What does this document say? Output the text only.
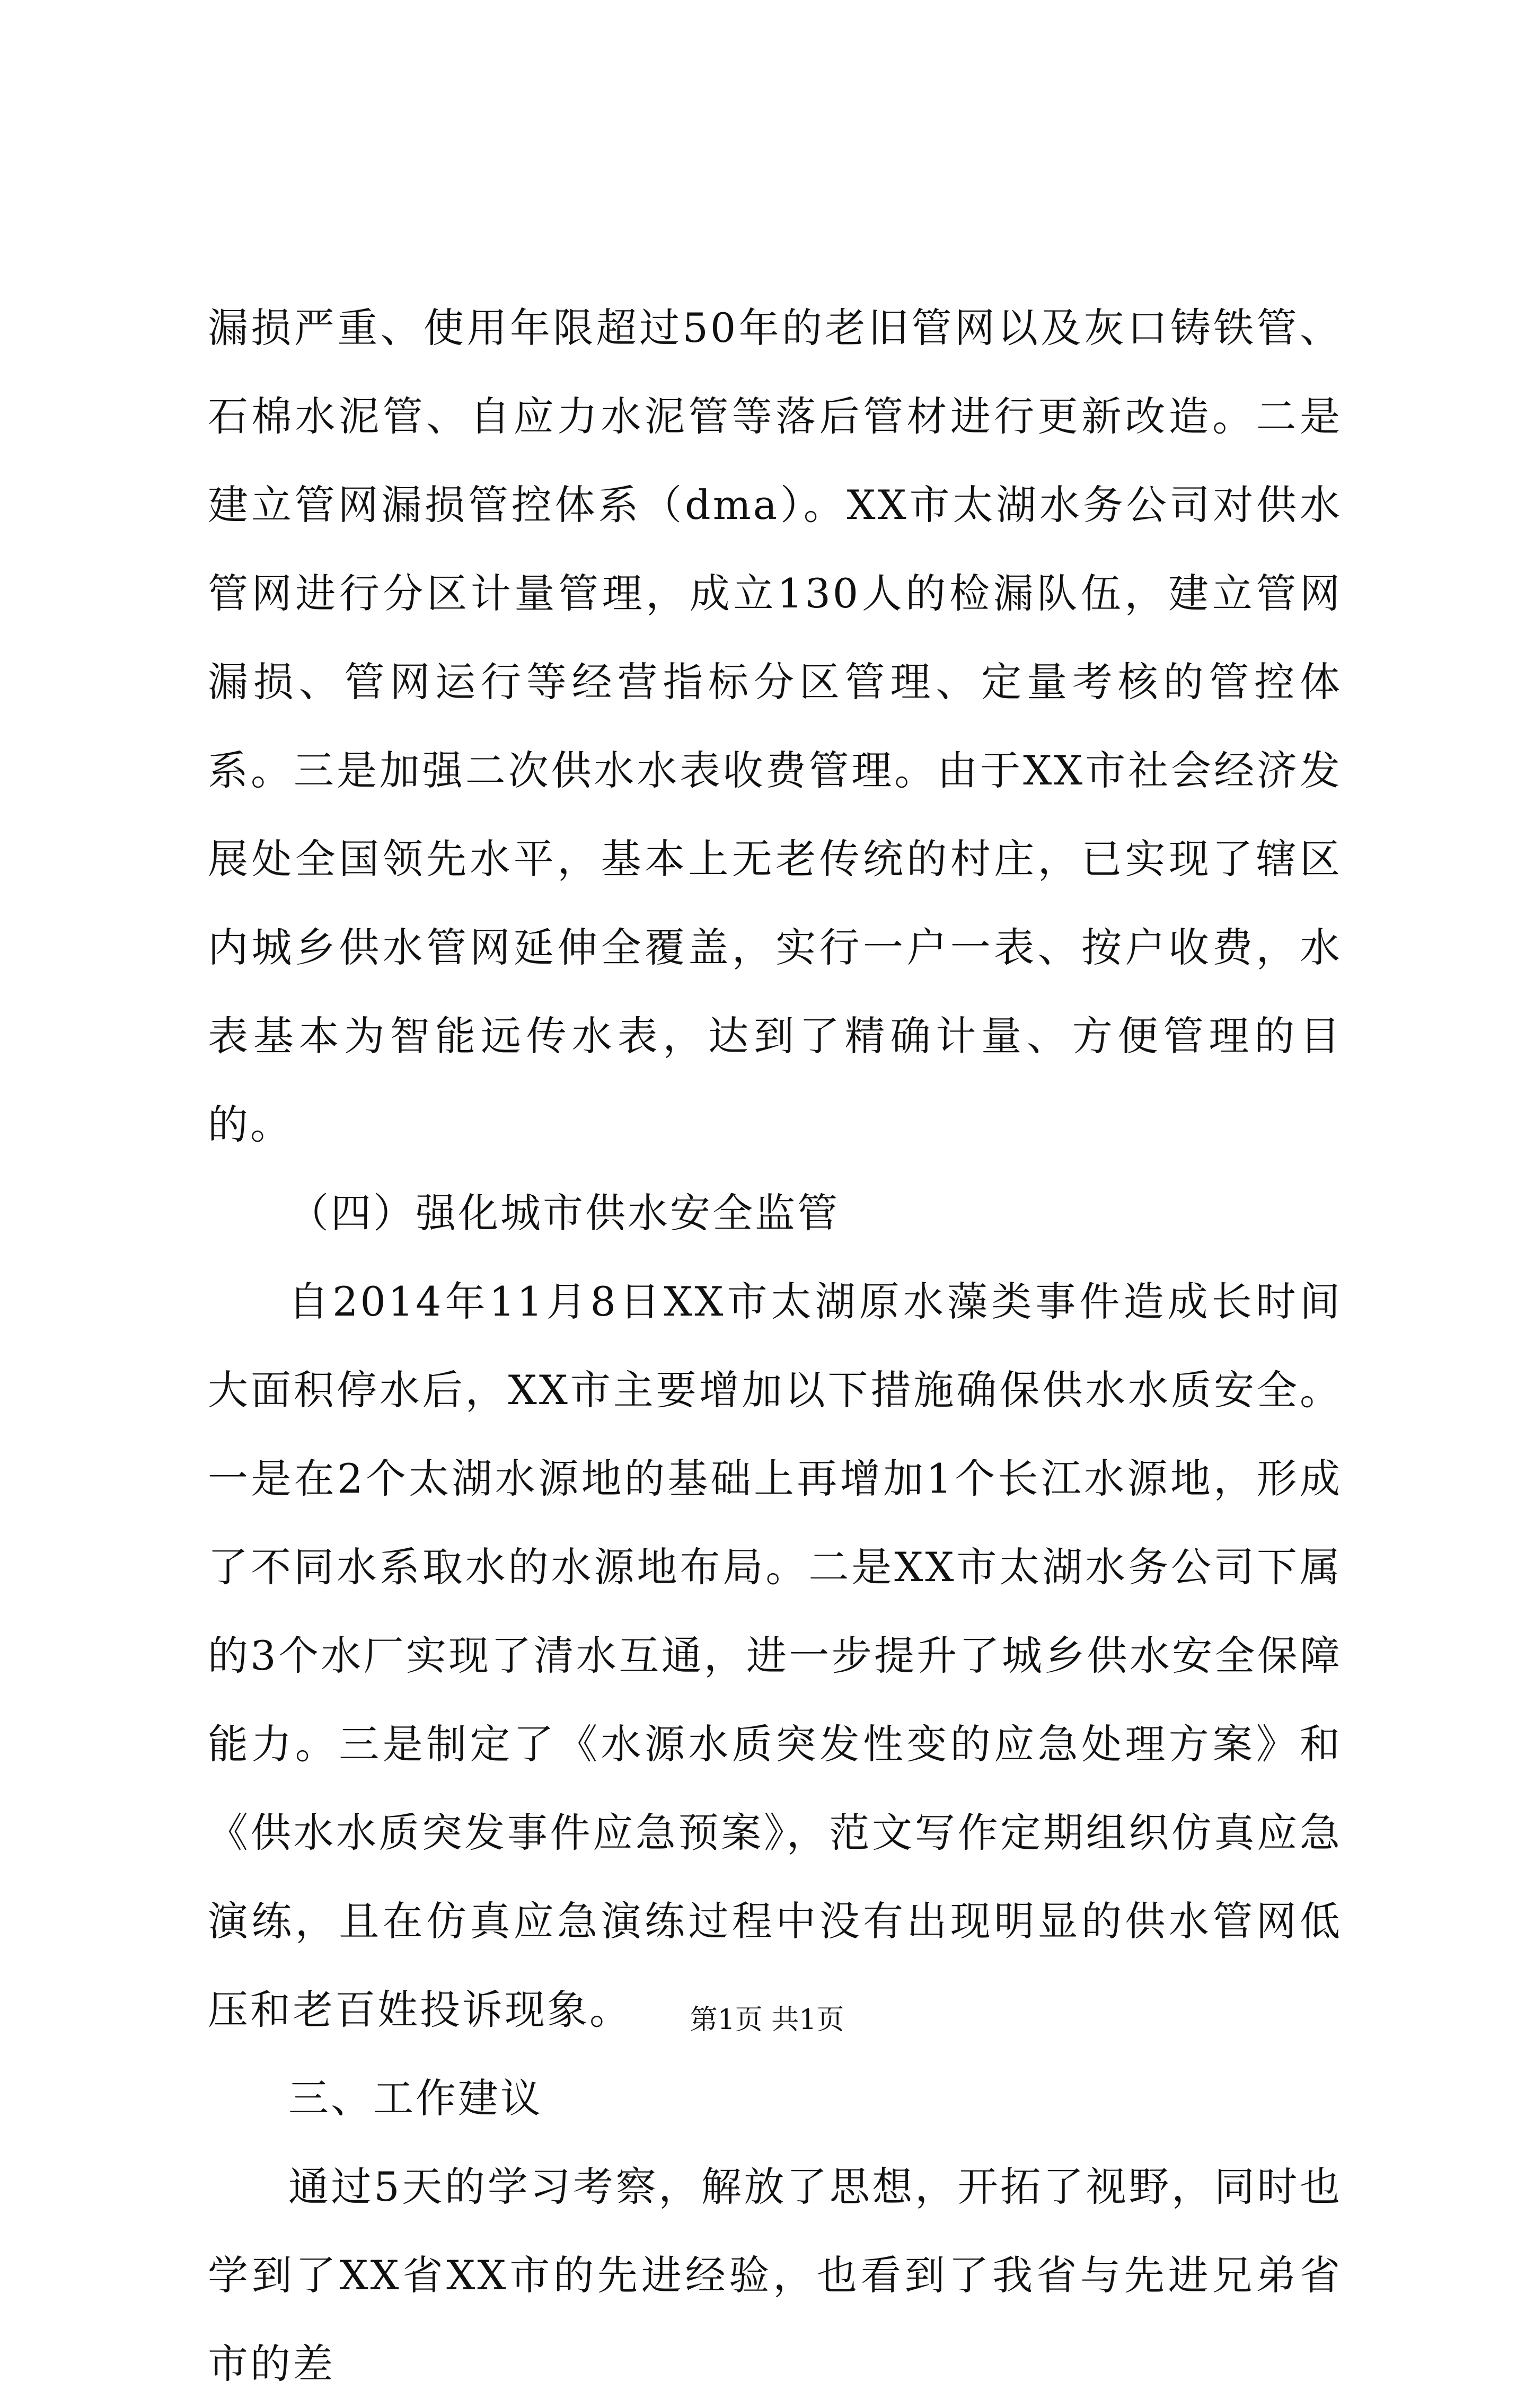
漏损严重、使用年限超过50年的老旧管网以及灰口铸铁管、石棉水泥管、自应力水泥管等落后管材进行更新改造。二是建立管网漏损管控体系（dma）。XX市太湖水务公司对供水管网进行分区计量管理，成立130人的检漏队伍，建立管网漏损、管网运行等经营指标分区管理、定量考核的管控体系。三是加强二次供水水表收费管理。由于XX市社会经济发展处全国领先水平，基本上无老传统的村庄，已实现了辖区内城乡供水管网延伸全覆盖，实行一户一表、按户收费，水表基本为智能远传水表，达到了精确计量、方便管理的目的。

（四）强化城市供水安全监管

自2014年11月8日XX市太湖原水藻类事件造成长时间大面积停水后，XX市主要增加以下措施确保供水水质安全。一是在2个太湖水源地的基础上再增加1个长江水源地，形成了不同水系取水的水源地布局。二是XX市太湖水务公司下属的3个水厂实现了清水互通，进一步提升了城乡供水安全保障能力。三是制定了《水源水质突发性变的应急处理方案》和《供水水质突发事件应急预案》，范文写作定期组织仿真应急演练，且在仿真应急演练过程中没有出现明显的供水管网低压和老百姓投诉现象。

三、工作建议

通过5天的学习考察，解放了思想，开拓了视野，同时也学到了XX省XX市的先进经验，也看到了我省与先进兄弟省市的差

第1页 共1页
